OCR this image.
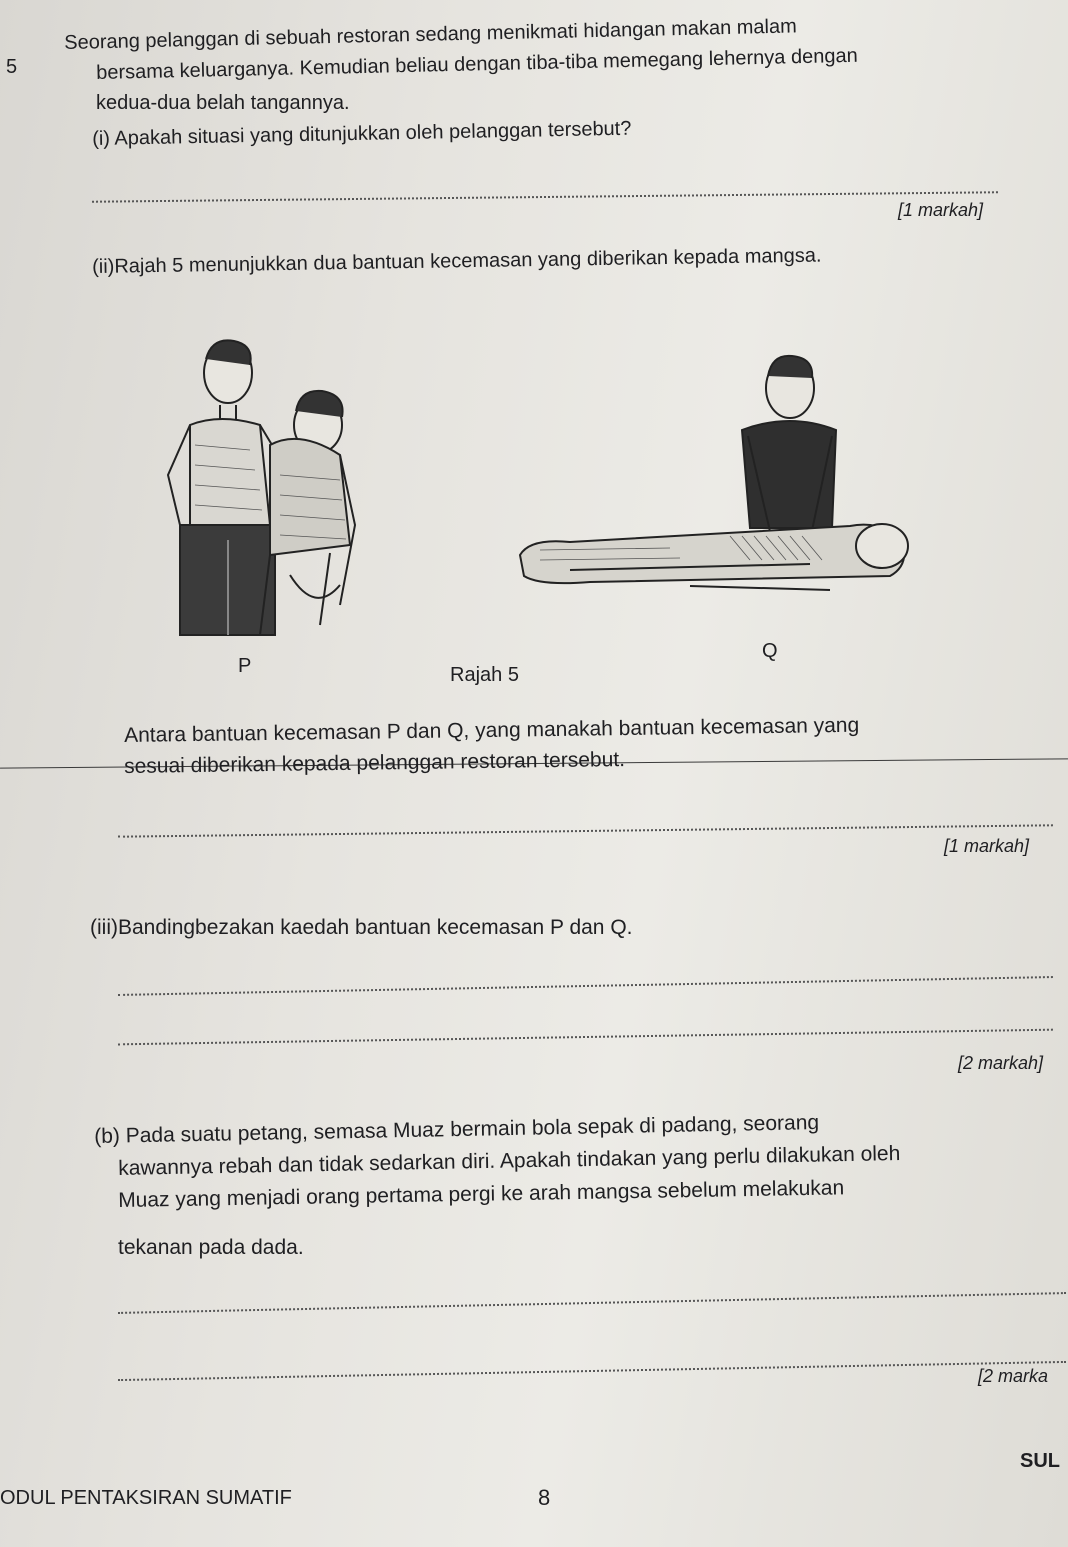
5
Seorang pelanggan di sebuah restoran sedang menikmati hidangan makan malam
bersama keluarganya. Kemudian beliau dengan tiba-tiba memegang lehernya dengan
kedua-dua belah tangannya.
(i) Apakah situasi yang ditunjukkan oleh pelanggan tersebut?
[1 markah]
(ii)Rajah 5 menunjukkan dua bantuan kecemasan yang diberikan kepada mangsa.
P
Q
Rajah 5
Antara bantuan kecemasan P dan Q, yang manakah bantuan kecemasan yang
sesuai diberikan kepada pelanggan restoran tersebut.
[1 markah]
(iii)Bandingbezakan kaedah bantuan kecemasan P dan Q.
[2 markah]
(b) Pada suatu petang, semasa Muaz bermain bola sepak di padang, seorang
kawannya rebah dan tidak sedarkan diri. Apakah tindakan yang perlu dilakukan oleh
Muaz yang menjadi orang pertama pergi ke arah mangsa sebelum melakukan
tekanan pada dada.
[2 marka
SUL
ODUL PENTAKSIRAN SUMATIF	8
